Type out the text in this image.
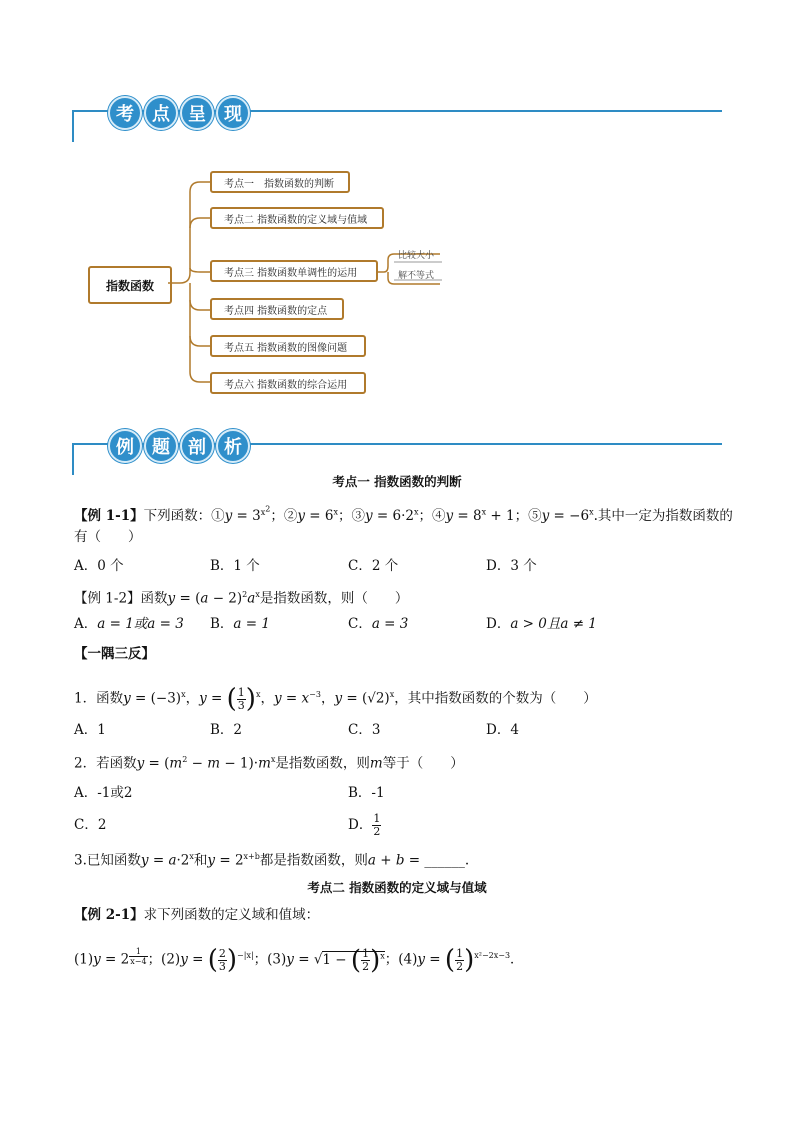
考	点	呈	现
指数函数
考点一　指数函数的判断
考点二 指数函数的定义域与值域
考点三 指数函数单调性的运用
考点四 指数函数的定点
考点五 指数函数的图像问题
考点六 指数函数的综合运用
比较大小
解不等式
例	题	剖	析
考点一 指数函数的判断
【例 1-1】下列函数：①y = $3^{x^2}$；②y = $6^x$；③y = $6\cdot 2^x$；④y = $8^x + 1$；⑤y = $-6^x$.其中一定为指数函数的
有（　　）
A．0 个	B．1 个	C．2 个	D．3 个
【例 1-2】函数$y = (a - 2)^2a^x$是指数函数，则（　　）
A．a = 1或a = 3 B．a = 1	C．a = 3	D．a > 0且a ≠ 1
【一隅三反】
1．函数$y = (-3)^x$，y = ( $\frac{1}{3} )^x$，$y = x^{-3}$，$y = (√2)^x$，其中指数函数的个数为（　　）
A．1	B．2	C．3	D．4
2．若函数$y = (m^2 - m - 1)\cdot m^x$是指数函数，则m等于（　　）
A．-1或2	B．-1
C．2	D． $\frac{1}{2}$
3.已知函数$y = a\cdot 2^x$和$y = 2^{x+b}$都是指数函数，则a + b = ______.
考点二 指数函数的定义域与值域
【例 2-1】求下列函数的定义域和值域：
(1)y = 2 $^{\frac{1}{x-4}}$ ；(2)y = ( $\frac{2}{3} )^{-|x|}$；(3)y = √1 − ( $\frac{1}{2} )^x$；(4)y = ( $\frac{1}{2} )^{x^2-2x-3}$．
